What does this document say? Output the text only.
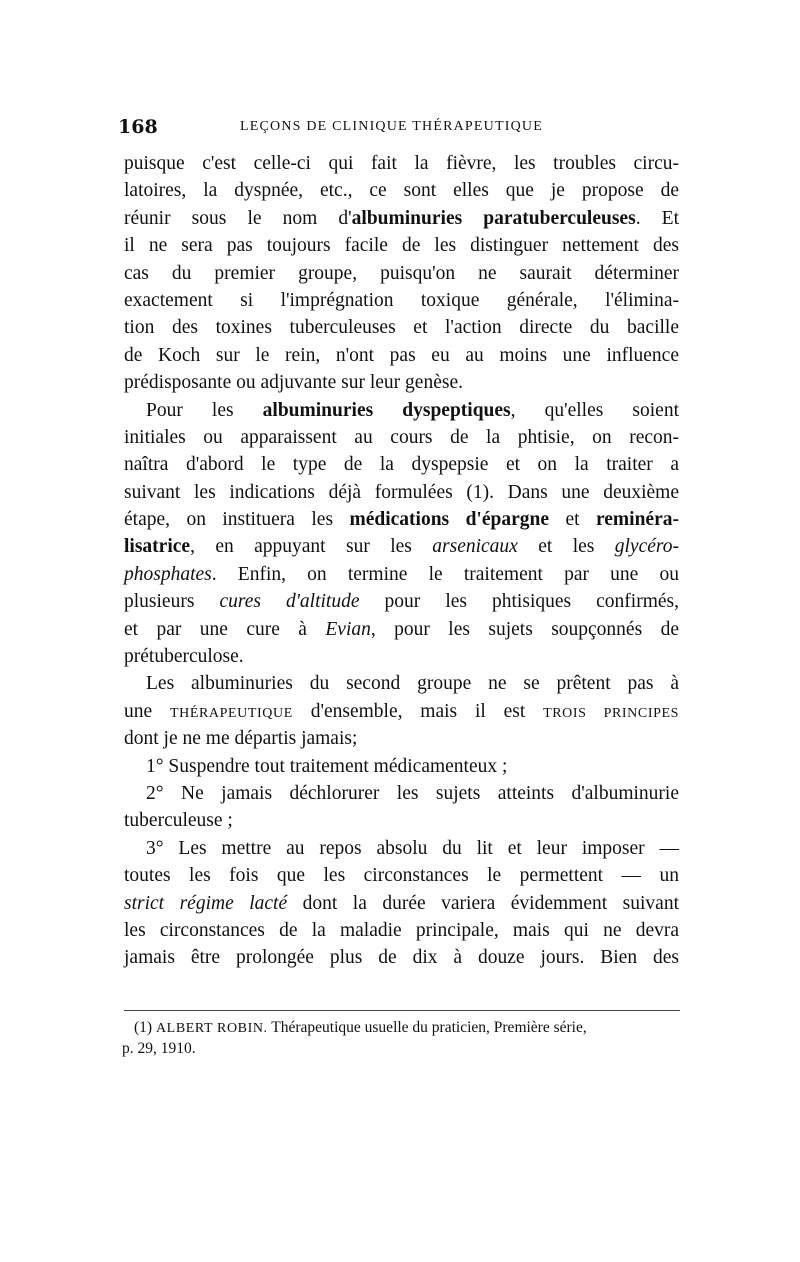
168	LEÇONS DE CLINIQUE THÉRAPEUTIQUE
puisque c'est celle-ci qui fait la fièvre, les troubles circu-
latoires, la dyspnée, etc., ce sont elles que je propose de
réunir sous le nom d'albuminuries paratuberculeuses. Et
il ne sera pas toujours facile de les distinguer nettement des
cas du premier groupe, puisqu'on ne saurait déterminer
exactement si l'imprégnation toxique générale, l'élimina-
tion des toxines tuberculeuses et l'action directe du bacille
de Koch sur le rein, n'ont pas eu au moins une influence
prédisposante ou adjuvante sur leur genèse.
Pour les albuminuries dyspeptiques, qu'elles soient
initiales ou apparaissent au cours de la phtisie, on recon-
naîtra d'abord le type de la dyspepsie et on la traiter a
suivant les indications déjà formulées (1). Dans une deuxième
étape, on instituera les médications d'épargne et reminéra-
lisatrice, en appuyant sur les arsenicaux et les glycéro-
phosphates. Enfin, on termine le traitement par une ou
plusieurs cures d'altitude pour les phtisiques confirmés,
et par une cure à Evian, pour les sujets soupçonnés de
prétuberculose.
Les albuminuries du second groupe ne se prêtent pas à
une THÉRAPEUTIQUE d'ensemble, mais il est TROIS PRINCIPES
dont je ne me départis jamais;
1° Suspendre tout traitement médicamenteux ;
2° Ne jamais déchlorurer les sujets atteints d'albuminurie
tuberculeuse ;
3° Les mettre au repos absolu du lit et leur imposer —
toutes les fois que les circonstances le permettent — un
strict régime lacté dont la durée variera évidemment suivant
les circonstances de la maladie principale, mais qui ne devra
jamais être prolongée plus de dix à douze jours. Bien des
(1) ALBERT ROBIN. Thérapeutique usuelle du praticien, Première série,
p. 29, 1910.
